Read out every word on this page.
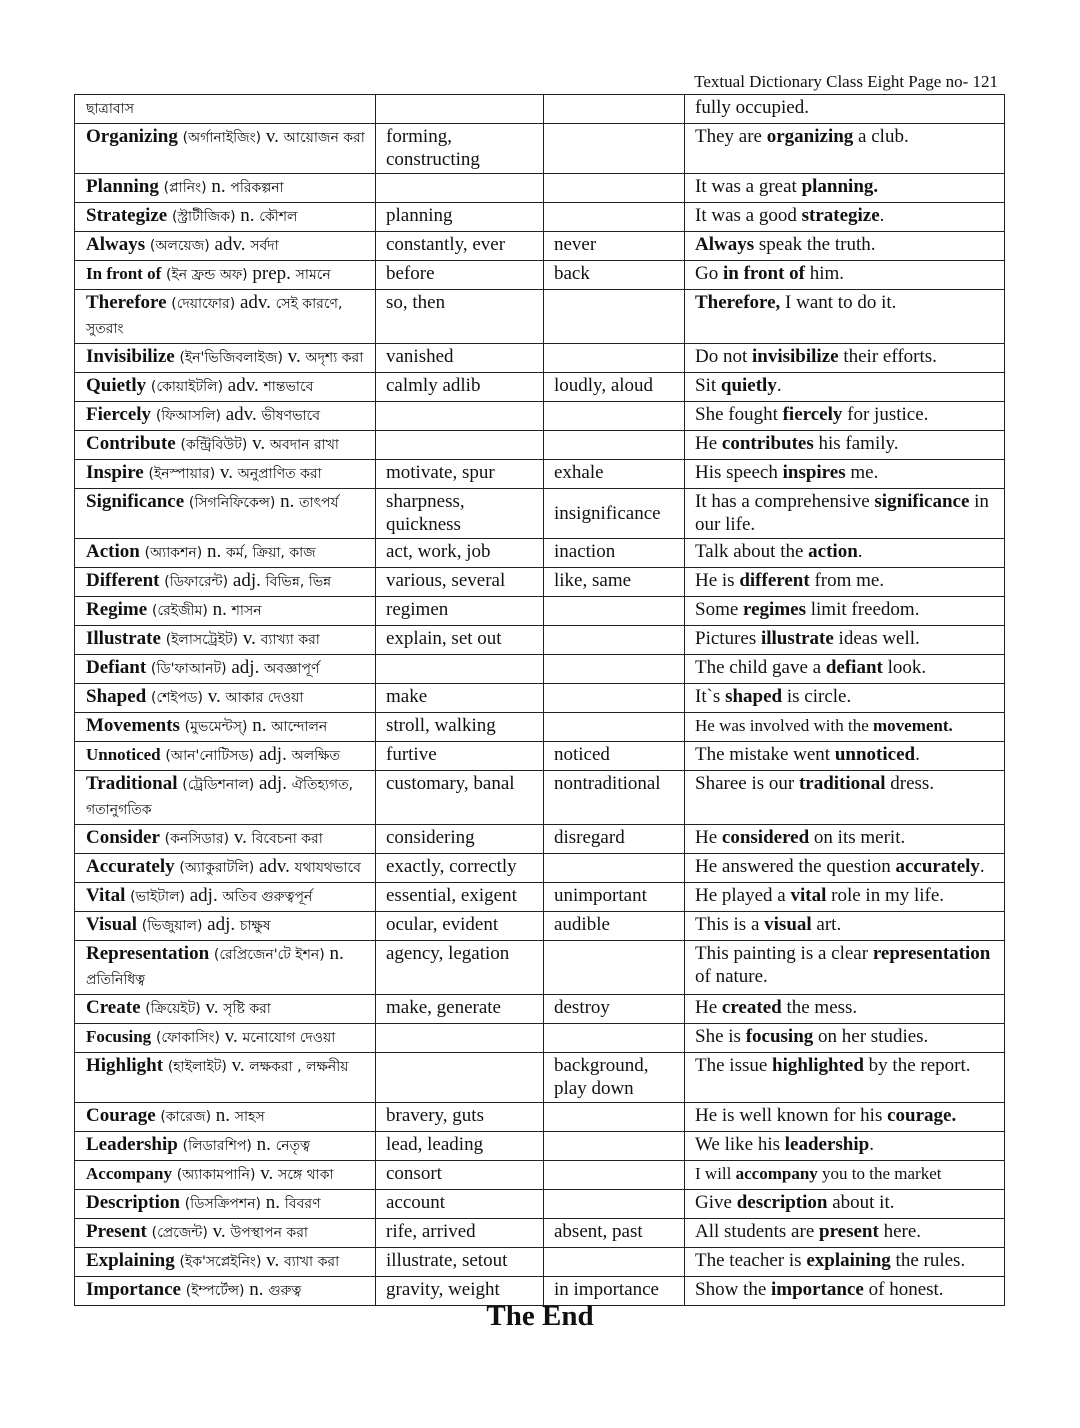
Textual Dictionary Class Eight Page no- 121
ছাত্রাবাস			fully occupied.
Organizing (অর্গানাইজিং) v. আয়োজন করা	forming, constructing		They are organizing a club.
Planning (প্লানিং) n. পরিকল্পনা			It was a great planning.
Strategize (স্ট্রাটীজিক) n. কৌশল	planning		It was a good strategize.
Always (অলয়েজ) adv. সর্বদা	constantly, ever	never	Always speak the truth.
In front of (ইন ফ্রন্ড অফ) prep. সামনে	before	back	Go in front of him.
Therefore (দেয়াফোর) adv. সেই কারণে, সুতরাং	so, then		Therefore, I want to do it.
Invisibilize (ইন'ভিজিবলাইজ) v. অদৃশ্য করা	vanished		Do not invisibilize their efforts.
Quietly (কোয়াইটলি) adv. শান্তভাবে	calmly adlib	loudly, aloud	Sit quietly.
Fiercely (ফিআসলি) adv. ভীষণভাবে			She fought fiercely for justice.
Contribute (কন্ট্রিবিউট) v. অবদান রাখা			He contributes his family.
Inspire (ইনস্পায়ার) v. অনুপ্রাণিত করা	motivate, spur	exhale	His speech inspires me.
Significance (সিগনিফিকেন্স) n. তাৎপর্য	sharpness, quickness	insignificance	It has a comprehensive significance in our life.
Action (অ্যাকশন) n. কর্ম, ক্রিয়া, কাজ	act, work, job	inaction	Talk about the action.
Different (ডিফারেন্ট) adj. বিভিন্ন, ভিন্ন	various, several	like, same	He is different from me.
Regime (রেইজীম) n. শাসন	regimen		Some regimes limit freedom.
Illustrate (ইলাসট্রেইট) v. ব্যাখ্যা করা	explain, set out		Pictures illustrate ideas well.
Defiant (ডি'ফাআনট) adj. অবজ্ঞাপূর্ণ			The child gave a defiant look.
Shaped (শেইপড) v. আকার দেওয়া	make		It`s shaped is circle.
Movements (মুভমেন্টস্) n. আন্দোলন	stroll, walking		He was involved with the movement.
Unnoticed (আন'নোটিসড) adj. অলক্ষিত	furtive	noticed	The mistake went unnoticed.
Traditional (ট্রেডিশনাল) adj. ঐতিহ্যগত, গতানুগতিক	customary, banal	nontraditional	Sharee is our traditional dress.
Consider (কনসিডার) v. বিবেচনা করা	considering	disregard	He considered on its merit.
Accurately (অ্যাকুরাটলি) adv. যথাযথভাবে	exactly, correctly		He answered the question accurately.
Vital (ভাইটাল) adj. অতিব গুরুত্বপূর্ন	essential, exigent	unimportant	He played a vital role in my life.
Visual (ভিজুয়াল) adj. চাক্ষুষ	ocular, evident	audible	This is a visual art.
Representation (রেপ্রিজেন'টে ইশন) n. প্রতিনিধিত্ব	agency, legation		This painting is a clear representation of nature.
Create (ক্রিয়েইট) v. সৃষ্টি করা	make, generate	destroy	He created the mess.
Focusing (ফোকাসিং) v. মনোযোগ দেওয়া			She is focusing on her studies.
Highlight (হাইলাইট) v. লক্ষকরা , লক্ষনীয়		background, play down	The issue highlighted by the report.
Courage (কারেজ) n. সাহস	bravery, guts		He is well known for his courage.
Leadership (লিডারশিপ) n. নেতৃত্ব	lead, leading		We like his leadership.
Accompany (অ্যাকামপানি) v. সঙ্গে থাকা	consort		I will accompany you to the market
Description (ডিসক্রিপশন) n. বিবরণ	account		Give description about it.
Present (প্রেজেন্ট) v. উপস্থাপন করা	rife, arrived	absent, past	All students are present here.
Explaining (ইক'সপ্লেইনিং) v. ব্যাখা করা	illustrate, setout		The teacher is explaining the rules.
Importance (ইম্পর্টেন্স) n. গুরুত্ব	gravity, weight	in importance	Show the importance of honest.
The End
